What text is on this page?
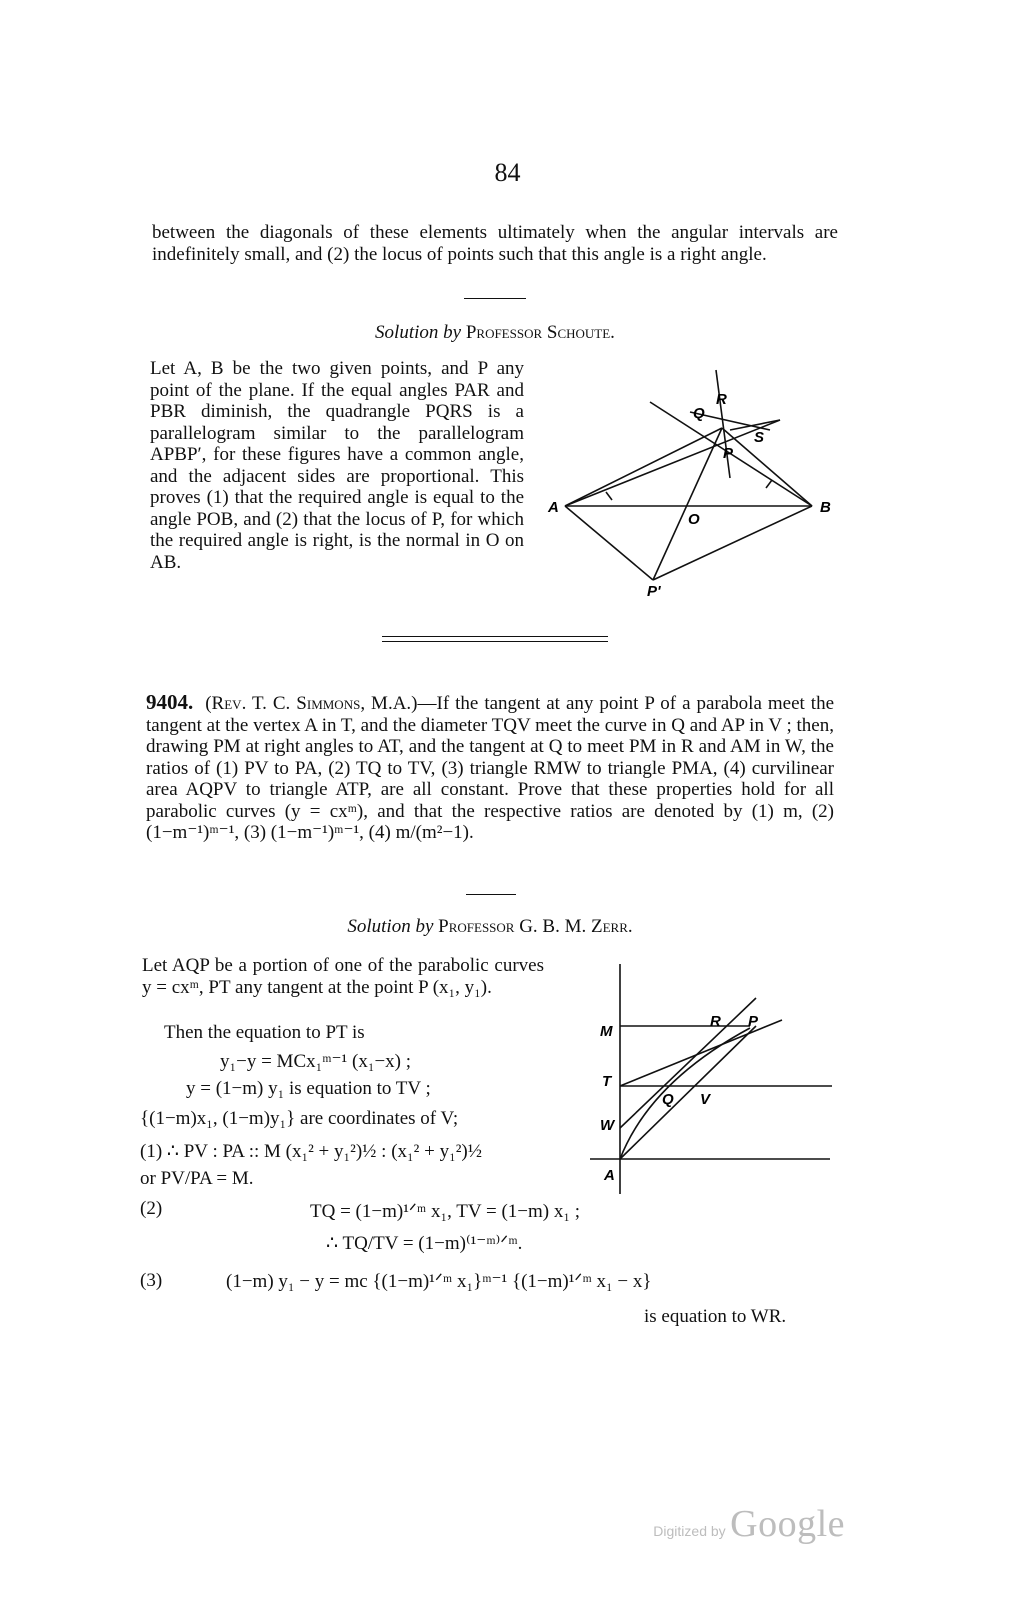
84
between the diagonals of these elements ultimately when the angular intervals are indefinitely small, and (2) the locus of points such that this angle is a right angle.
Solution by Professor Schoute.
Let A, B be the two given points, and P any point of the plane. If the equal angles PAR and PBR diminish, the quadrangle PQRS is a parallelogram similar to the parallelogram APBP′, for these figures have a common angle, and the adjacent sides are proportional. This proves (1) that the required angle is equal to the angle POB, and (2) that the locus of P, for which the required angle is right, is the normal in O on AB.
A	B
O
P
P'
Q
R
S
9404. (Rev. T. C. Simmons, M.A.)—If the tangent at any point P of a parabola meet the tangent at the vertex A in T, and the diameter TQV meet the curve in Q and AP in V ; then, drawing PM at right angles to AT, and the tangent at Q to meet PM in R and AM in W, the ratios of (1) PV to PA, (2) TQ to TV, (3) triangle RMW to triangle PMA, (4) curvilinear area AQPV to triangle ATP, are all constant. Prove that these properties hold for all parabolic curves (y = cxᵐ), and that the respective ratios are denoted by (1) m, (2) (1−m⁻¹)ᵐ⁻¹, (3) (1−m⁻¹)ᵐ⁻¹, (4) m/(m²−1).
Solution by Professor G. B. M. Zerr.
Let AQP be a portion of one of the parabolic curves y = cxᵐ, PT any tangent at the point P (x₁, y₁).
Then the equation to PT is
y₁−y = MCx₁ᵐ⁻¹ (x₁−x) ;
y = (1−m) y₁ is equation to TV ;
{(1−m)x₁, (1−m)y₁} are coordinates of V;
(1) ∴ PV : PA :: M (x₁² + y₁²)½ : (x₁² + y₁²)½
or PV/PA = M.
(2)	TQ = (1−m)¹ᐟᵐ x₁, TV = (1−m) x₁ ;
∴ TQ/TV = (1−m)⁽¹⁻ᵐ⁾ᐟᵐ.
(3)	(1−m) y₁ − y = mc {(1−m)¹ᐟᵐ x₁}ᵐ⁻¹ {(1−m)¹ᐟᵐ x₁ − x}
is equation to WR.
M
T
W
A
Q V
R P
Digitized by Google
